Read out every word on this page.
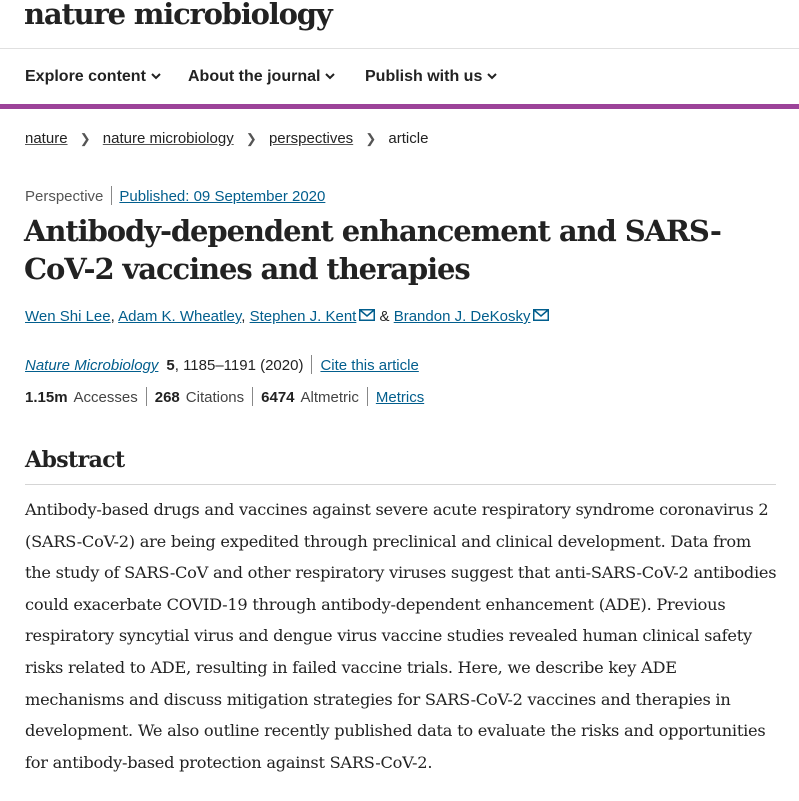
nature microbiology
Explore content	About the journal	Publish with us
nature ❯ nature microbiology ❯ perspectives ❯ article
Perspective Published: 09 September 2020
Antibody-dependent enhancement and SARS-CoV-2 vaccines and therapies
Wen Shi Lee, Adam K. Wheatley, Stephen J. Kent & Brandon J. DeKosky
Nature Microbiology 5, 1185–1191 (2020) Cite this article
1.15m Accesses 268 Citations 6474 Altmetric Metrics
Abstract

Antibody-based drugs and vaccines against severe acute respiratory syndrome coronavirus 2 (SARS-CoV-2) are being expedited through preclinical and clinical development. Data from the study of SARS-CoV and other respiratory viruses suggest that anti-SARS-CoV-2 antibodies could exacerbate COVID-19 through antibody-dependent enhancement (ADE). Previous respiratory syncytial virus and dengue virus vaccine studies revealed human clinical safety risks related to ADE, resulting in failed vaccine trials. Here, we describe key ADE mechanisms and discuss mitigation strategies for SARS-CoV-2 vaccines and therapies in development. We also outline recently published data to evaluate the risks and opportunities for antibody-based protection against SARS-CoV-2.
